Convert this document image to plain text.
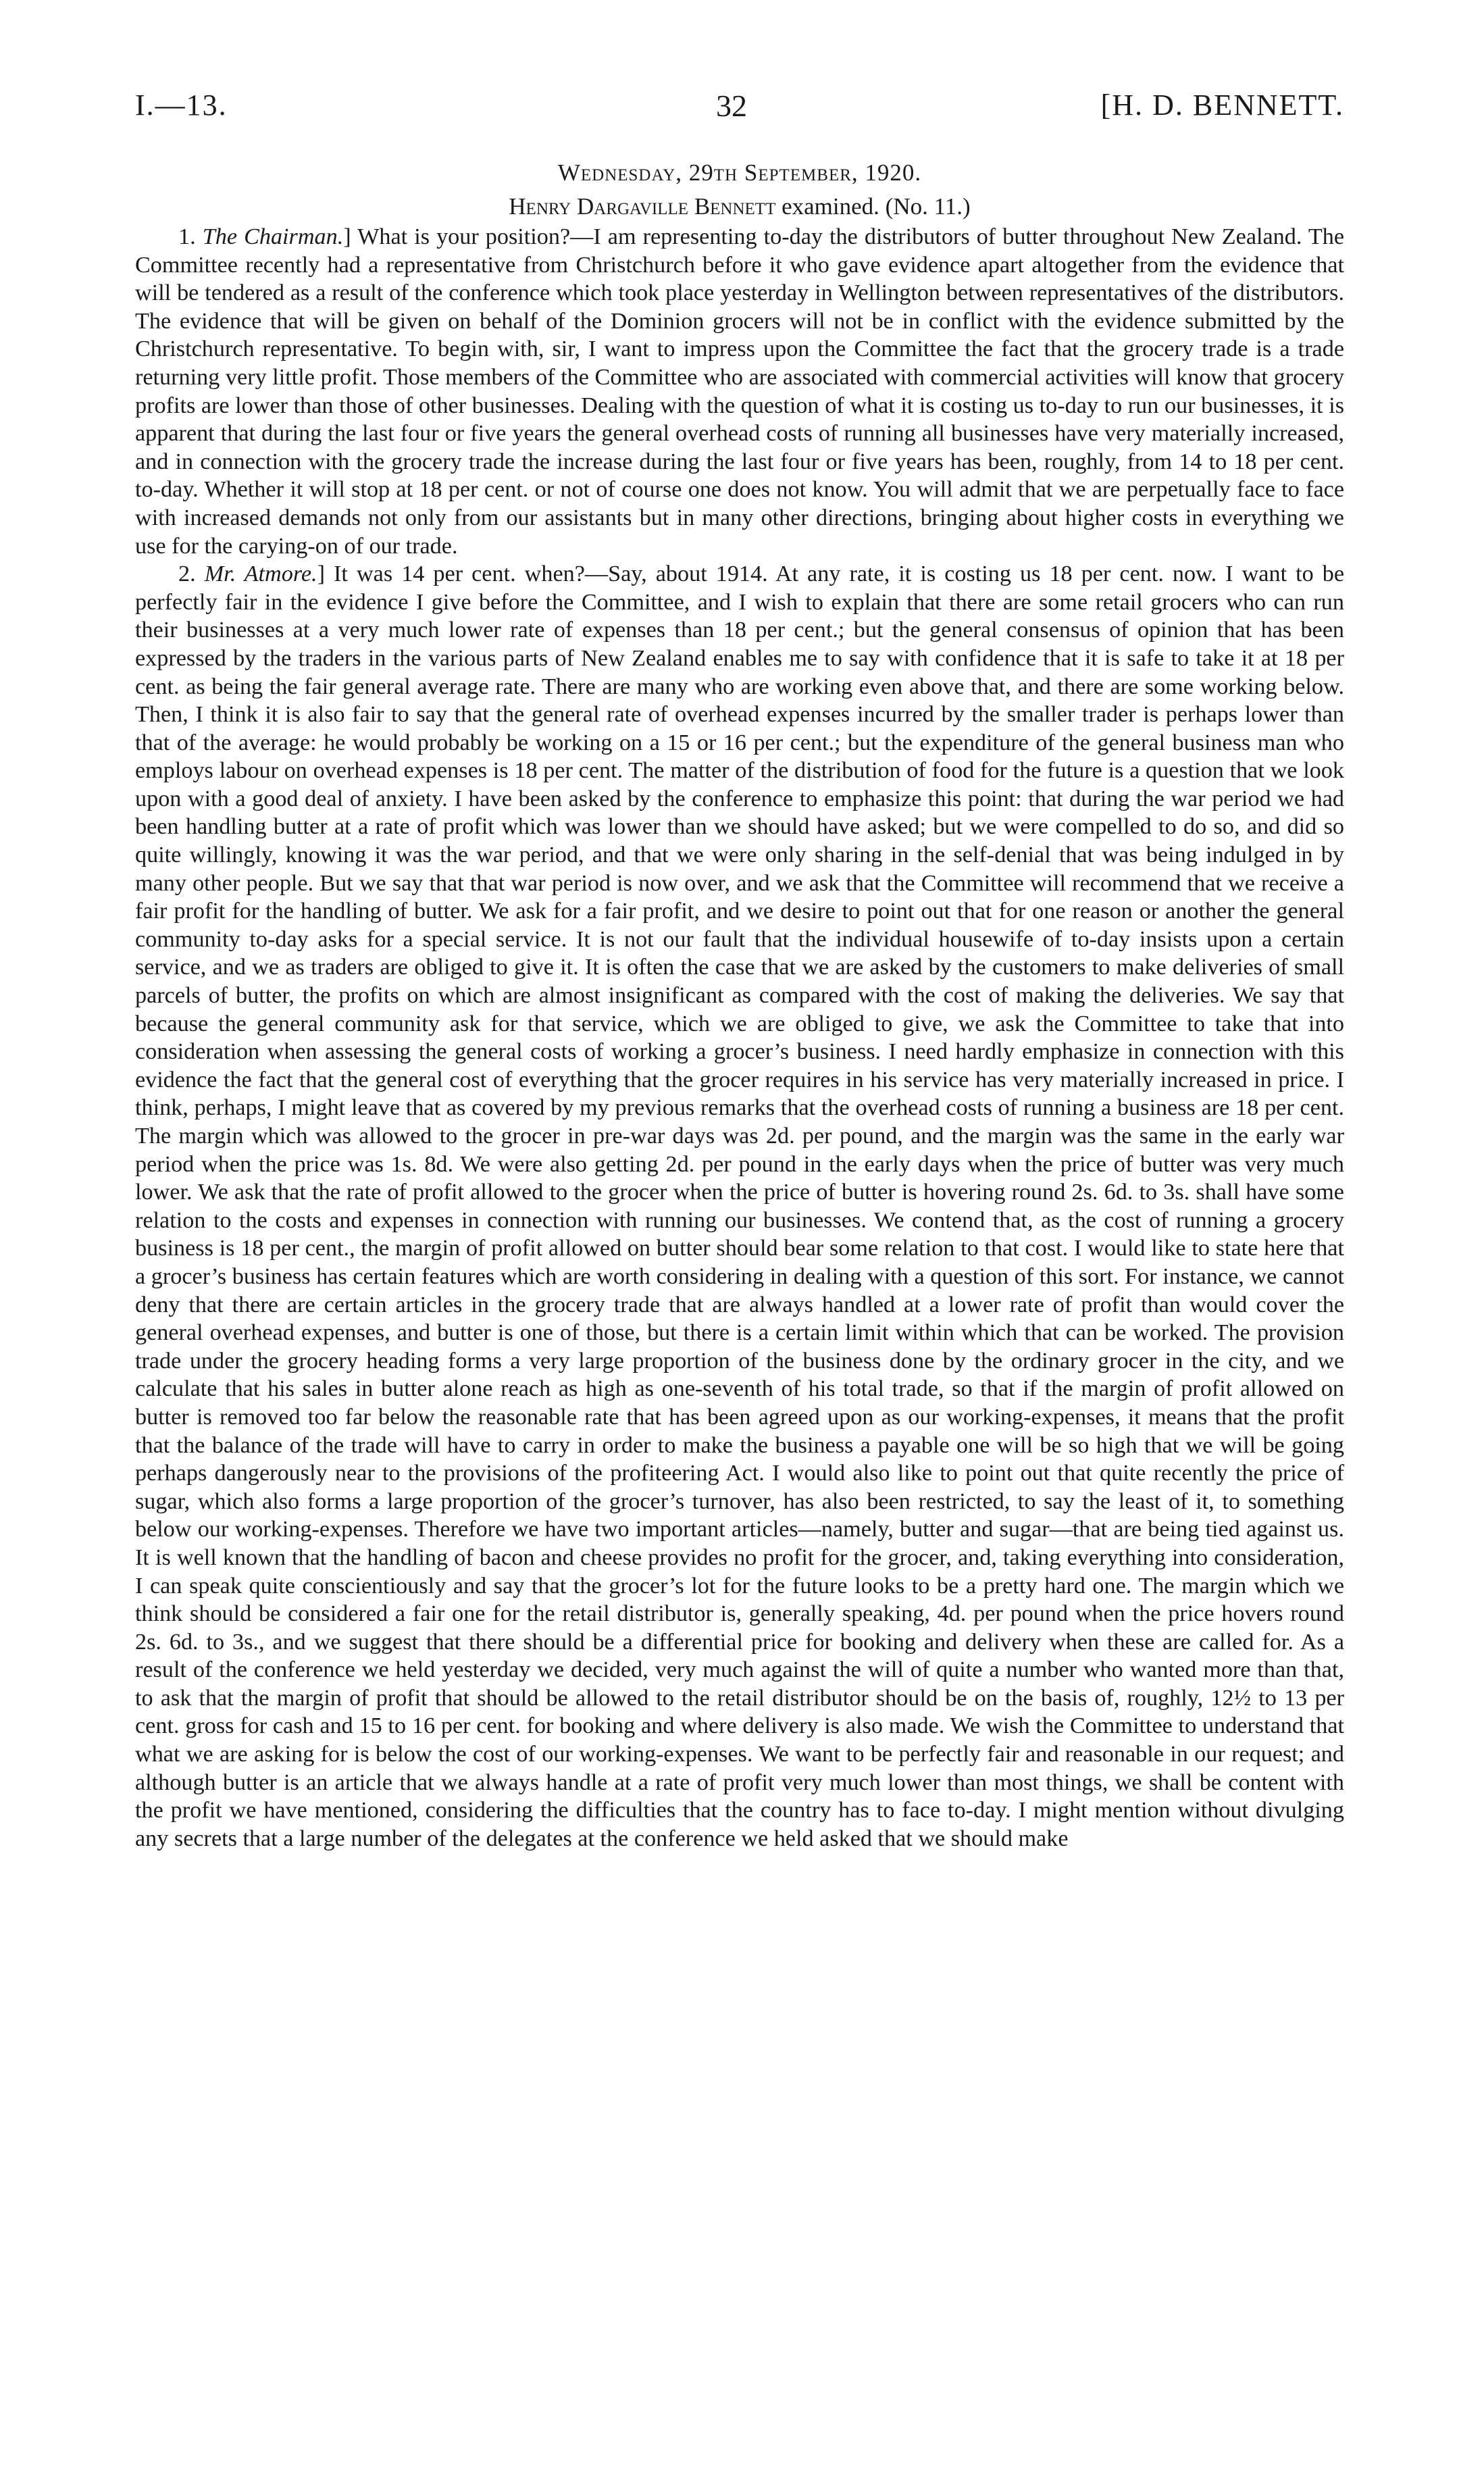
I.—13.	32	[H. D. BENNETT.
Wednesday, 29th September, 1920.
Henry Dargaville Bennett examined. (No. 11.)

1. The Chairman.] What is your position?—I am representing to-day the distributors of butter throughout New Zealand. The Committee recently had a representative from Christchurch before it who gave evidence apart altogether from the evidence that will be tendered as a result of the conference which took place yesterday in Wellington between representatives of the distributors. The evidence that will be given on behalf of the Dominion grocers will not be in conflict with the evidence submitted by the Christchurch representative. To begin with, sir, I want to impress upon the Committee the fact that the grocery trade is a trade returning very little profit. Those members of the Committee who are associated with commercial activities will know that grocery profits are lower than those of other businesses. Dealing with the question of what it is costing us to-day to run our businesses, it is apparent that during the last four or five years the general overhead costs of running all businesses have very materially increased, and in connection with the grocery trade the increase during the last four or five years has been, roughly, from 14 to 18 per cent. to-day. Whether it will stop at 18 per cent. or not of course one does not know. You will admit that we are perpetually face to face with increased demands not only from our assistants but in many other directions, bringing about higher costs in everything we use for the carying-on of our trade.

2. Mr. Atmore.] It was 14 per cent. when?—Say, about 1914. At any rate, it is costing us 18 per cent. now. I want to be perfectly fair in the evidence I give before the Committee, and I wish to explain that there are some retail grocers who can run their businesses at a very much lower rate of expenses than 18 per cent.; but the general consensus of opinion that has been expressed by the traders in the various parts of New Zealand enables me to say with confidence that it is safe to take it at 18 per cent. as being the fair general average rate. There are many who are working even above that, and there are some working below. Then, I think it is also fair to say that the general rate of overhead expenses incurred by the smaller trader is perhaps lower than that of the average: he would probably be working on a 15 or 16 per cent.; but the expenditure of the general business man who employs labour on overhead expenses is 18 per cent. The matter of the distribution of food for the future is a question that we look upon with a good deal of anxiety. I have been asked by the conference to emphasize this point: that during the war period we had been handling butter at a rate of profit which was lower than we should have asked; but we were compelled to do so, and did so quite willingly, knowing it was the war period, and that we were only sharing in the self-denial that was being indulged in by many other people. But we say that that war period is now over, and we ask that the Committee will recommend that we receive a fair profit for the handling of butter. We ask for a fair profit, and we desire to point out that for one reason or another the general community to-day asks for a special service. It is not our fault that the individual housewife of to-day insists upon a certain service, and we as traders are obliged to give it. It is often the case that we are asked by the customers to make deliveries of small parcels of butter, the profits on which are almost insignificant as compared with the cost of making the deliveries. We say that because the general community ask for that service, which we are obliged to give, we ask the Committee to take that into consideration when assessing the general costs of working a grocer’s business. I need hardly emphasize in connection with this evidence the fact that the general cost of everything that the grocer requires in his service has very materially increased in price. I think, perhaps, I might leave that as covered by my previous remarks that the overhead costs of running a business are 18 per cent. The margin which was allowed to the grocer in pre-war days was 2d. per pound, and the margin was the same in the early war period when the price was 1s. 8d. We were also getting 2d. per pound in the early days when the price of butter was very much lower. We ask that the rate of profit allowed to the grocer when the price of butter is hovering round 2s. 6d. to 3s. shall have some relation to the costs and expenses in connection with running our businesses. We contend that, as the cost of running a grocery business is 18 per cent., the margin of profit allowed on butter should bear some relation to that cost. I would like to state here that a grocer’s business has certain features which are worth considering in dealing with a question of this sort. For instance, we cannot deny that there are certain articles in the grocery trade that are always handled at a lower rate of profit than would cover the general overhead expenses, and butter is one of those, but there is a certain limit within which that can be worked. The provision trade under the grocery heading forms a very large proportion of the business done by the ordinary grocer in the city, and we calculate that his sales in butter alone reach as high as one-seventh of his total trade, so that if the margin of profit allowed on butter is removed too far below the reasonable rate that has been agreed upon as our working-expenses, it means that the profit that the balance of the trade will have to carry in order to make the business a payable one will be so high that we will be going perhaps dangerously near to the provisions of the profiteering Act. I would also like to point out that quite recently the price of sugar, which also forms a large proportion of the grocer’s turnover, has also been restricted, to say the least of it, to something below our working-expenses. Therefore we have two important articles—namely, butter and sugar—that are being tied against us. It is well known that the handling of bacon and cheese provides no profit for the grocer, and, taking everything into consideration, I can speak quite conscientiously and say that the grocer’s lot for the future looks to be a pretty hard one. The margin which we think should be considered a fair one for the retail distributor is, generally speaking, 4d. per pound when the price hovers round 2s. 6d. to 3s., and we suggest that there should be a differential price for booking and delivery when these are called for. As a result of the conference we held yesterday we decided, very much against the will of quite a number who wanted more than that, to ask that the margin of profit that should be allowed to the retail distributor should be on the basis of, roughly, 12½ to 13 per cent. gross for cash and 15 to 16 per cent. for booking and where delivery is also made. We wish the Committee to understand that what we are asking for is below the cost of our working-expenses. We want to be perfectly fair and reasonable in our request; and although butter is an article that we always handle at a rate of profit very much lower than most things, we shall be content with the profit we have mentioned, considering the difficulties that the country has to face to-day. I might mention without divulging any secrets that a large number of the delegates at the conference we held asked that we should make
